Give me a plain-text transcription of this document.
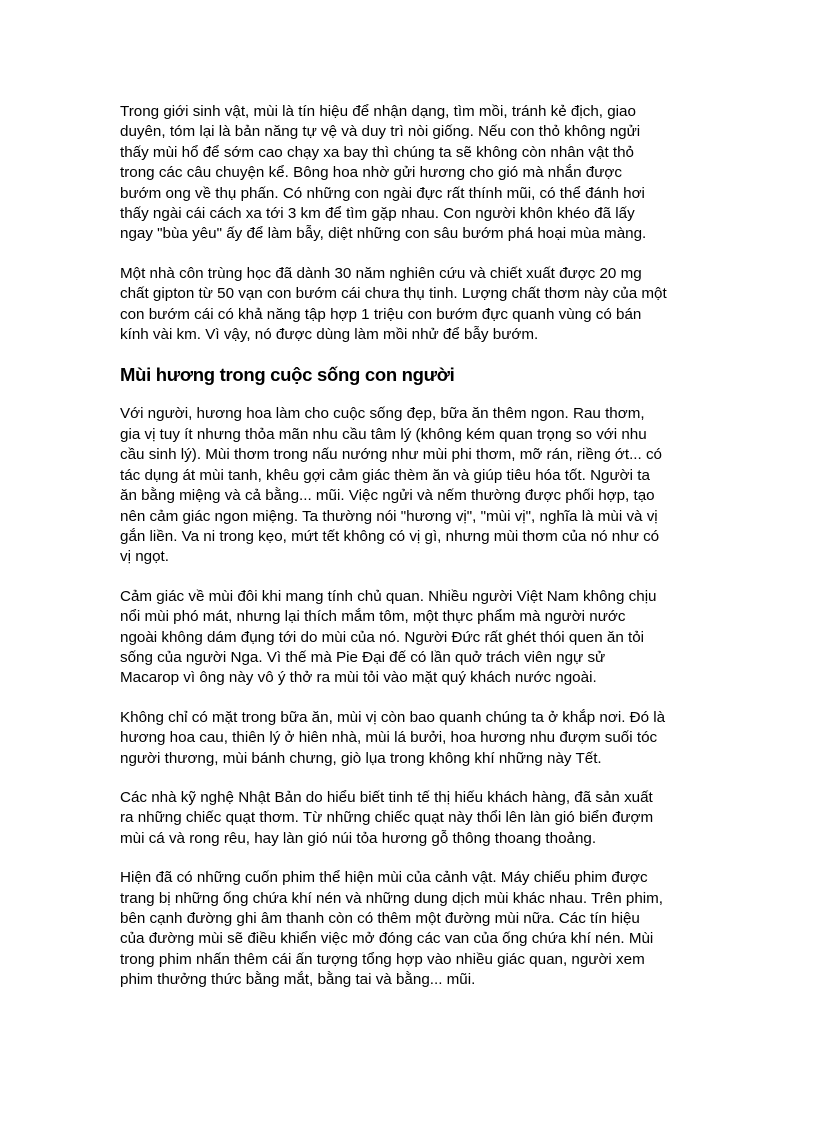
Trong giới sinh vật, mùi là tín hiệu để nhận dạng, tìm mồi, tránh kẻ địch, giao
duyên, tóm lại là bản năng tự vệ và duy trì nòi giống. Nếu con thỏ không ngửi
thấy mùi hổ để sớm cao chạy xa bay thì chúng ta sẽ không còn nhân vật thỏ
trong các câu chuyện kể. Bông hoa nhờ gửi hương cho gió mà nhắn được
bướm ong về thụ phấn. Có những con ngài đực rất thính mũi, có thể đánh hơi
thấy ngài cái cách xa tới 3 km để tìm gặp nhau. Con người khôn khéo đã lấy
ngay "bùa yêu" ấy để làm bẫy, diệt những con sâu bướm phá hoại mùa màng.

Một nhà côn trùng học đã dành 30 năm nghiên cứu và chiết xuất được 20 mg
chất gipton từ 50 vạn con bướm cái chưa thụ tinh. Lượng chất thơm này của một
con bướm cái có khả năng tập hợp 1 triệu con bướm đực quanh vùng có bán
kính vài km. Vì vậy, nó được dùng làm mồi nhử để bẫy bướm.

Mùi hương trong cuộc sống con người

Với người, hương hoa làm cho cuộc sống đẹp, bữa ăn thêm ngon. Rau thơm,
gia vị tuy ít nhưng thỏa mãn nhu cầu tâm lý (không kém quan trọng so với nhu
cầu sinh lý). Mùi thơm trong nấu nướng như mùi phi thơm, mỡ rán, riềng ớt... có
tác dụng át mùi tanh, khêu gợi cảm giác thèm ăn và giúp tiêu hóa tốt. Người ta
ăn bằng miệng và cả bằng... mũi. Việc ngửi và nếm thường được phối hợp, tạo
nên cảm giác ngon miệng. Ta thường nói "hương vị", "mùi vị", nghĩa là mùi và vị
gắn liền. Va ni trong kẹo, mứt tết không có vị gì, nhưng mùi thơm của nó như có
vị ngọt.

Cảm giác về mùi đôi khi mang tính chủ quan. Nhiều người Việt Nam không chịu
nổi mùi phó mát, nhưng lại thích mắm tôm, một thực phẩm mà người nước
ngoài không dám đụng tới do mùi của nó. Người Đức rất ghét thói quen ăn tỏi
sống của người Nga. Vì thế mà Pie Đại đế có lần quở trách viên ngự sử
Macarop vì ông này vô ý thở ra mùi tỏi vào mặt quý khách nước ngoài.

Không chỉ có mặt trong bữa ăn, mùi vị còn bao quanh chúng ta ở khắp nơi. Đó là
hương hoa cau, thiên lý ở hiên nhà, mùi lá bưởi, hoa hương nhu đượm suối tóc
người thương, mùi bánh chưng, giò lụa trong không khí những này Tết.

Các nhà kỹ nghệ Nhật Bản do hiểu biết tinh tế thị hiếu khách hàng, đã sản xuất
ra những chiếc quạt thơm. Từ những chiếc quạt này thổi lên làn gió biển đượm
mùi cá và rong rêu, hay làn gió núi tỏa hương gỗ thông thoang thoảng.

Hiện đã có những cuốn phim thể hiện mùi của cảnh vật. Máy chiếu phim được
trang bị những ống chứa khí nén và những dung dịch mùi khác nhau. Trên phim,
bên cạnh đường ghi âm thanh còn có thêm một đường mùi nữa. Các tín hiệu
của đường mùi sẽ điều khiển việc mở đóng các van của ống chứa khí nén. Mùi
trong phim nhấn thêm cái ấn tượng tổng hợp vào nhiều giác quan, người xem
phim thưởng thức bằng mắt, bằng tai và bằng... mũi.
